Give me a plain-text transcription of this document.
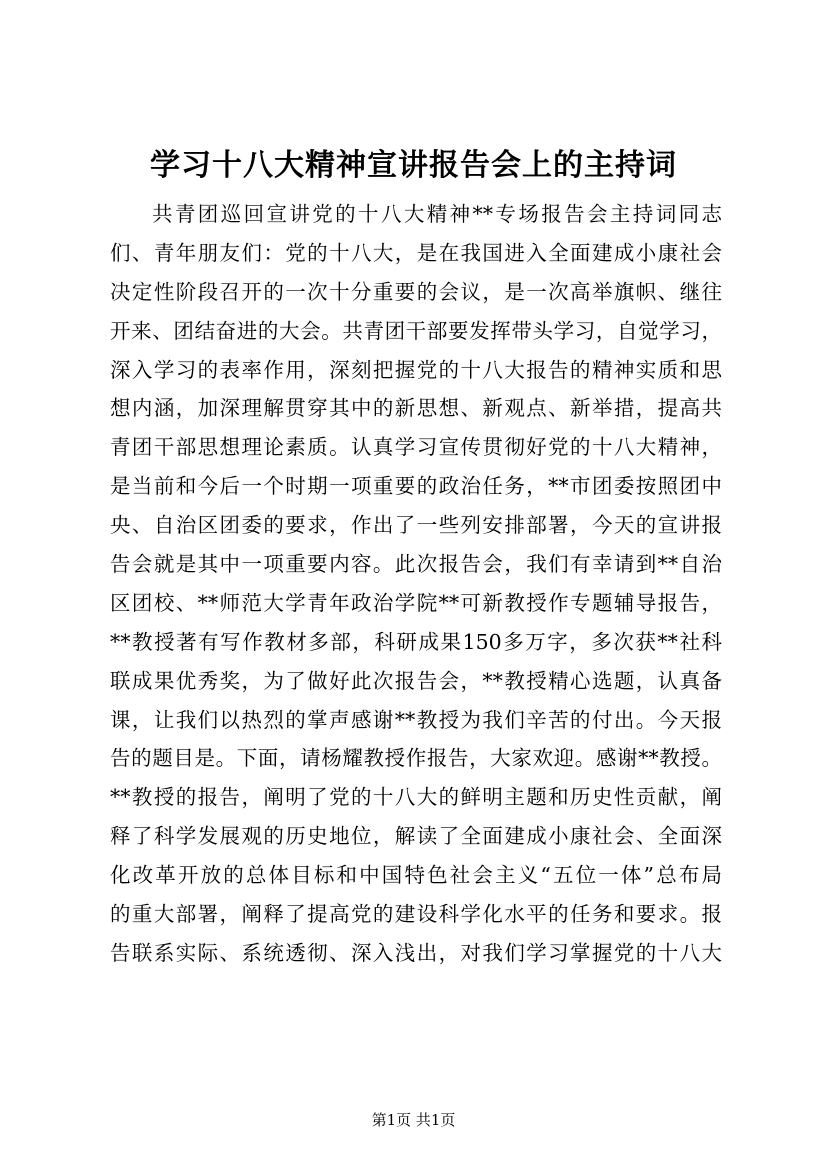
学习十八大精神宣讲报告会上的主持词
共青团巡回宣讲党的十八大精神**专场报告会主持词同志
们、青年朋友们：党的十八大，是在我国进入全面建成小康社会
决定性阶段召开的一次十分重要的会议，是一次高举旗帜、继往
开来、团结奋进的大会。共青团干部要发挥带头学习，自觉学习，
深入学习的表率作用，深刻把握党的十八大报告的精神实质和思
想内涵，加深理解贯穿其中的新思想、新观点、新举措，提高共
青团干部思想理论素质。认真学习宣传贯彻好党的十八大精神，
是当前和今后一个时期一项重要的政治任务，**市团委按照团中
央、自治区团委的要求，作出了一些列安排部署，今天的宣讲报
告会就是其中一项重要内容。此次报告会，我们有幸请到**自治
区团校、**师范大学青年政治学院**可新教授作专题辅导报告，
**教授著有写作教材多部，科研成果150多万字，多次获**社科
联成果优秀奖，为了做好此次报告会，**教授精心选题，认真备
课，让我们以热烈的掌声感谢**教授为我们辛苦的付出。今天报
告的题目是。下面，请杨耀教授作报告，大家欢迎。感谢**教授。
**教授的报告，阐明了党的十八大的鲜明主题和历史性贡献，阐
释了科学发展观的历史地位，解读了全面建成小康社会、全面深
化改革开放的总体目标和中国特色社会主义“五位一体”总布局
的重大部署，阐释了提高党的建设科学化水平的任务和要求。报
告联系实际、系统透彻、深入浅出，对我们学习掌握党的十八大
第1页 共1页
